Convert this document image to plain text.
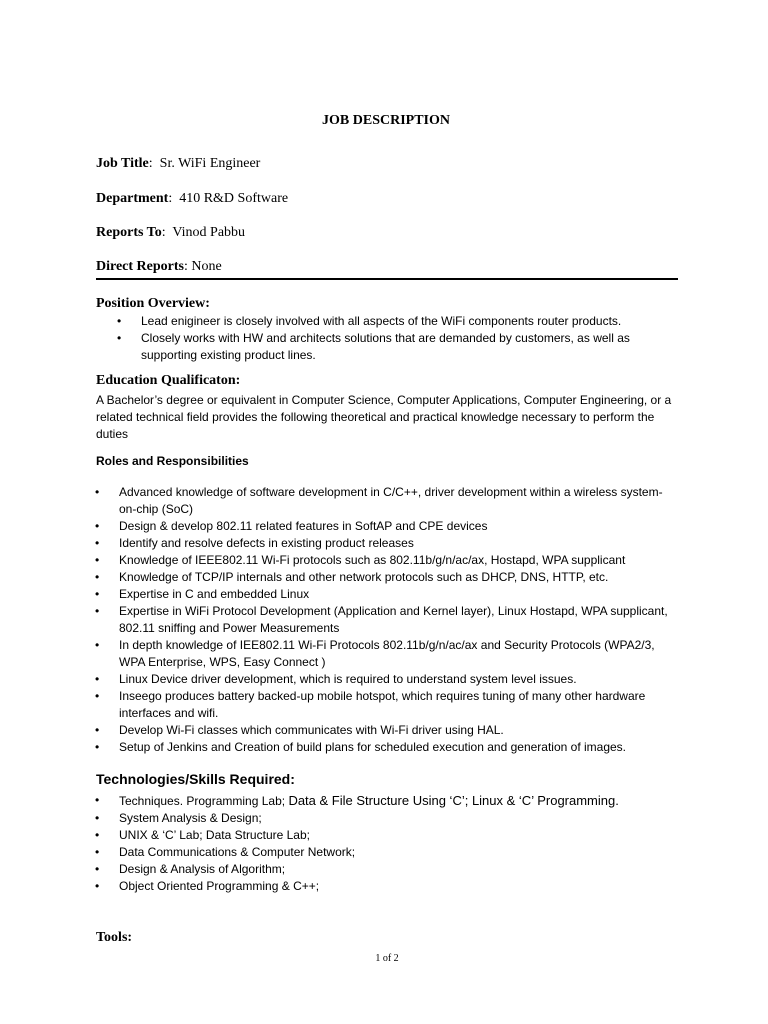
JOB DESCRIPTION
Job Title:  Sr. WiFi Engineer
Department:  410 R&D Software
Reports To:  Vinod Pabbu
Direct Reports: None
Position Overview:
• Lead enigineer is closely involved with all aspects of the WiFi components router products.
• Closely works with HW and architects solutions that are demanded by customers, as well as supporting existing product lines.
Education Qualificaton:
A Bachelor’s degree or equivalent in Computer Science, Computer Applications, Computer Engineering, or a related technical field provides the following theoretical and practical knowledge necessary to perform the duties
Roles and Responsibilities
• Advanced knowledge of software development in C/C++, driver development within a wireless system-on-chip (SoC)
• Design & develop 802.11 related features in SoftAP and CPE devices
• Identify and resolve defects in existing product releases
• Knowledge of IEEE802.11 Wi-Fi protocols such as 802.11b/g/n/ac/ax, Hostapd, WPA supplicant
• Knowledge of TCP/IP internals and other network protocols such as DHCP, DNS, HTTP, etc.
• Expertise in C and embedded Linux
• Expertise in WiFi Protocol Development (Application and Kernel layer), Linux Hostapd, WPA supplicant, 802.11 sniffing and Power Measurements
• In depth knowledge of IEE802.11 Wi-Fi Protocols 802.11b/g/n/ac/ax and Security Protocols (WPA2/3, WPA Enterprise, WPS, Easy Connect )
• Linux Device driver development, which is required to understand system level issues.
• Inseego produces battery backed-up mobile hotspot, which requires tuning of many other hardware interfaces and wifi.
• Develop Wi-Fi classes which communicates with Wi-Fi driver using HAL.
• Setup of Jenkins and Creation of build plans for scheduled execution and generation of images.
Technologies/Skills Required:
• Techniques. Programming Lab; Data & File Structure Using ‘C’; Linux & ‘C’ Programming.
• System Analysis & Design;
• UNIX & ‘C’ Lab; Data Structure Lab;
• Data Communications & Computer Network;
• Design & Analysis of Algorithm;
• Object Oriented Programming & C++;
Tools:
1 of 2
